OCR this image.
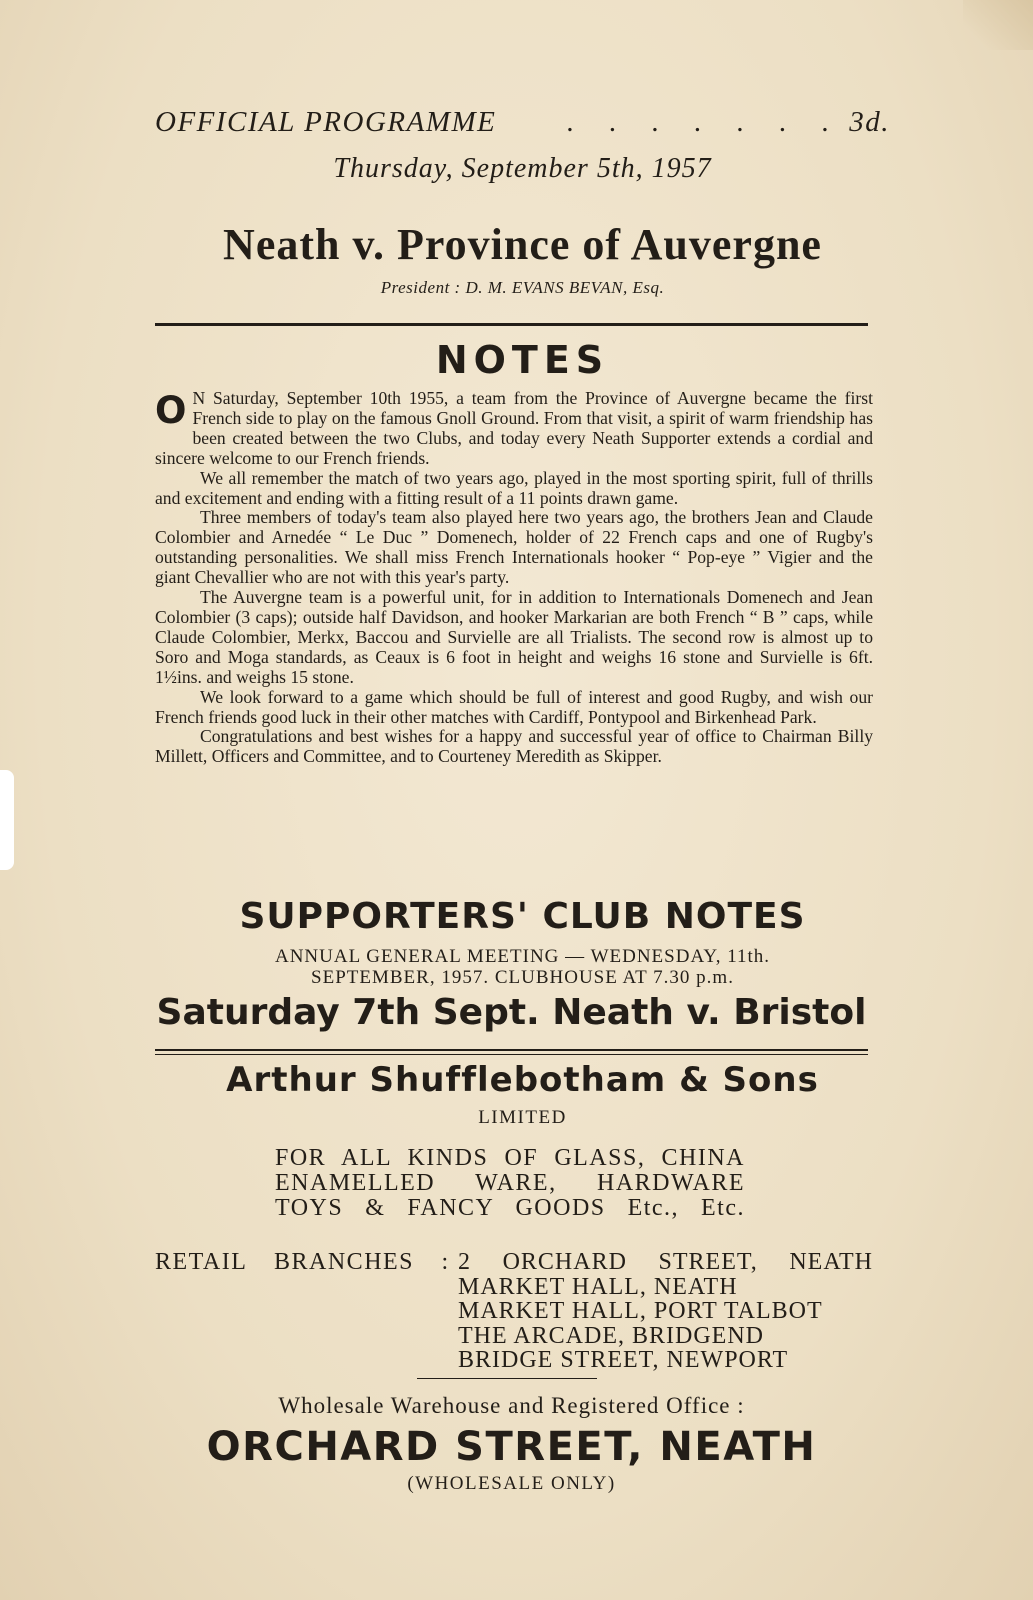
OFFICIAL PROGRAMME . . . . . . . 3d.
Thursday, September 5th, 1957
Neath v. Province of Auvergne
President : D. M. EVANS BEVAN, Esq.
NOTES

O N Saturday, September 10th 1955, a team from the Province of Auvergne became the first French side to play on the famous Gnoll Ground. From that visit, a spirit of warm friendship has been created between the two Clubs, and today every Neath Supporter extends a cordial and sincere welcome to our French friends.

We all remember the match of two years ago, played in the most sporting spirit, full of thrills and excitement and ending with a fitting result of a 11 points drawn game.

Three members of today's team also played here two years ago, the brothers Jean and Claude Colombier and Arnedée “ Le Duc ” Domenech, holder of 22 French caps and one of Rugby's outstanding personalities. We shall miss French Internationals hooker “ Pop-eye ” Vigier and the giant Chevallier who are not with this year's party.

The Auvergne team is a powerful unit, for in addition to Internationals Domenech and Jean Colombier (3 caps); outside half Davidson, and hooker Markarian are both French “ B ” caps, while Claude Colombier, Merkx, Baccou and Survielle are all Trialists. The second row is almost up to Soro and Moga standards, as Ceaux is 6 foot in height and weighs 16 stone and Survielle is 6ft. 1½ins. and weighs 15 stone.

We look forward to a game which should be full of interest and good Rugby, and wish our French friends good luck in their other matches with Cardiff, Pontypool and Birkenhead Park.

Congratulations and best wishes for a happy and successful year of office to Chairman Billy Millett, Officers and Committee, and to Courteney Meredith as Skipper.

SUPPORTERS' CLUB NOTES
ANNUAL GENERAL MEETING — WEDNESDAY, 11th.
SEPTEMBER, 1957. CLUBHOUSE AT 7.30 p.m.
Saturday 7th Sept. Neath v. Bristol
Arthur Shufflebotham & Sons
LIMITED
FOR ALL KINDS OF GLASS, CHINA
ENAMELLED WARE, HARDWARE
TOYS & FANCY GOODS Etc., Etc.
RETAIL BRANCHES : 2 ORCHARD STREET, NEATH
MARKET HALL, NEATH
MARKET HALL, PORT TALBOT
THE ARCADE, BRIDGEND
BRIDGE STREET, NEWPORT
Wholesale Warehouse and Registered Office :
ORCHARD STREET, NEATH
(WHOLESALE ONLY)
